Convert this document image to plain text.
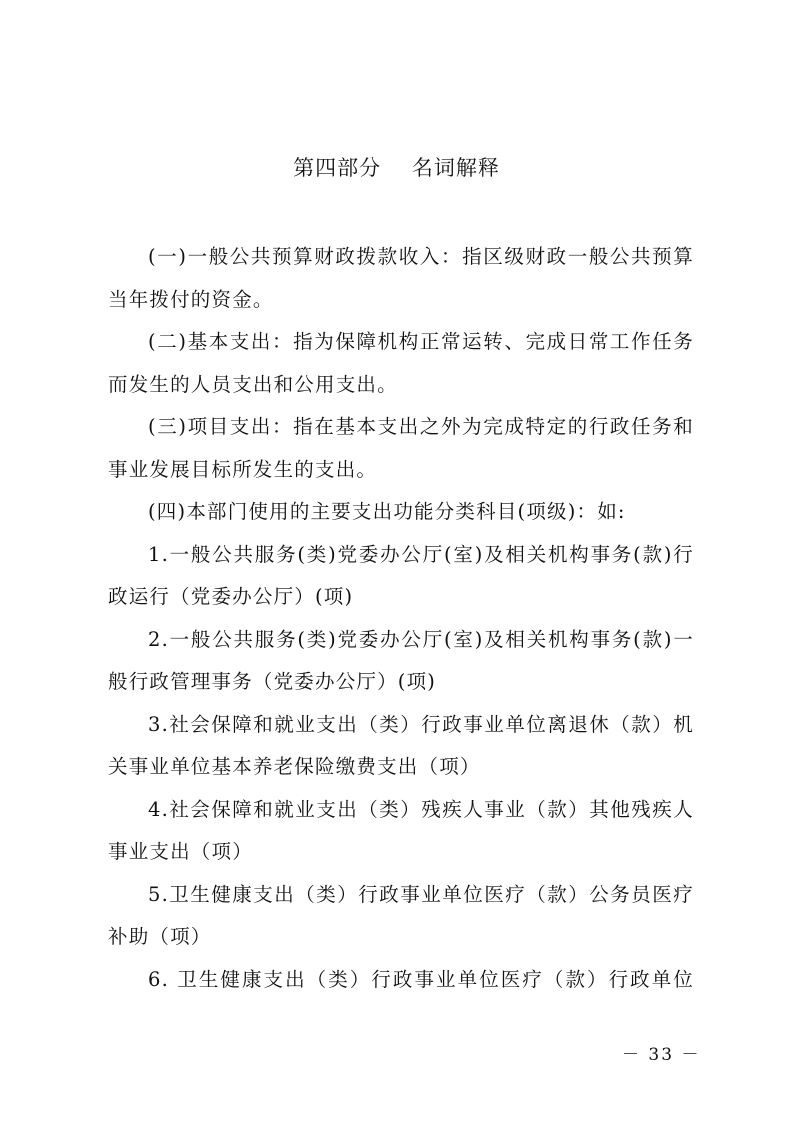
第四部分    名词解释

(一)一般公共预算财政拨款收入：指区级财政一般公共预算当年拨付的资金。

(二)基本支出：指为保障机构正常运转、完成日常工作任务而发生的人员支出和公用支出。

(三)项目支出：指在基本支出之外为完成特定的行政任务和事业发展目标所发生的支出。

(四)本部门使用的主要支出功能分类科目(项级)：如:

1.一般公共服务(类)党委办公厅(室)及相关机构事务(款)行政运行（党委办公厅）(项)

2.一般公共服务(类)党委办公厅(室)及相关机构事务(款)一般行政管理事务（党委办公厅）(项)

3.社会保障和就业支出（类）行政事业单位离退休（款）机关事业单位基本养老保险缴费支出（项）

4.社会保障和就业支出（类）残疾人事业（款）其他残疾人事业支出（项）

5.卫生健康支出（类）行政事业单位医疗（款）公务员医疗补助（项）

6. 卫生健康支出（类）行政事业单位医疗（款）行政单位

－ 33 －
